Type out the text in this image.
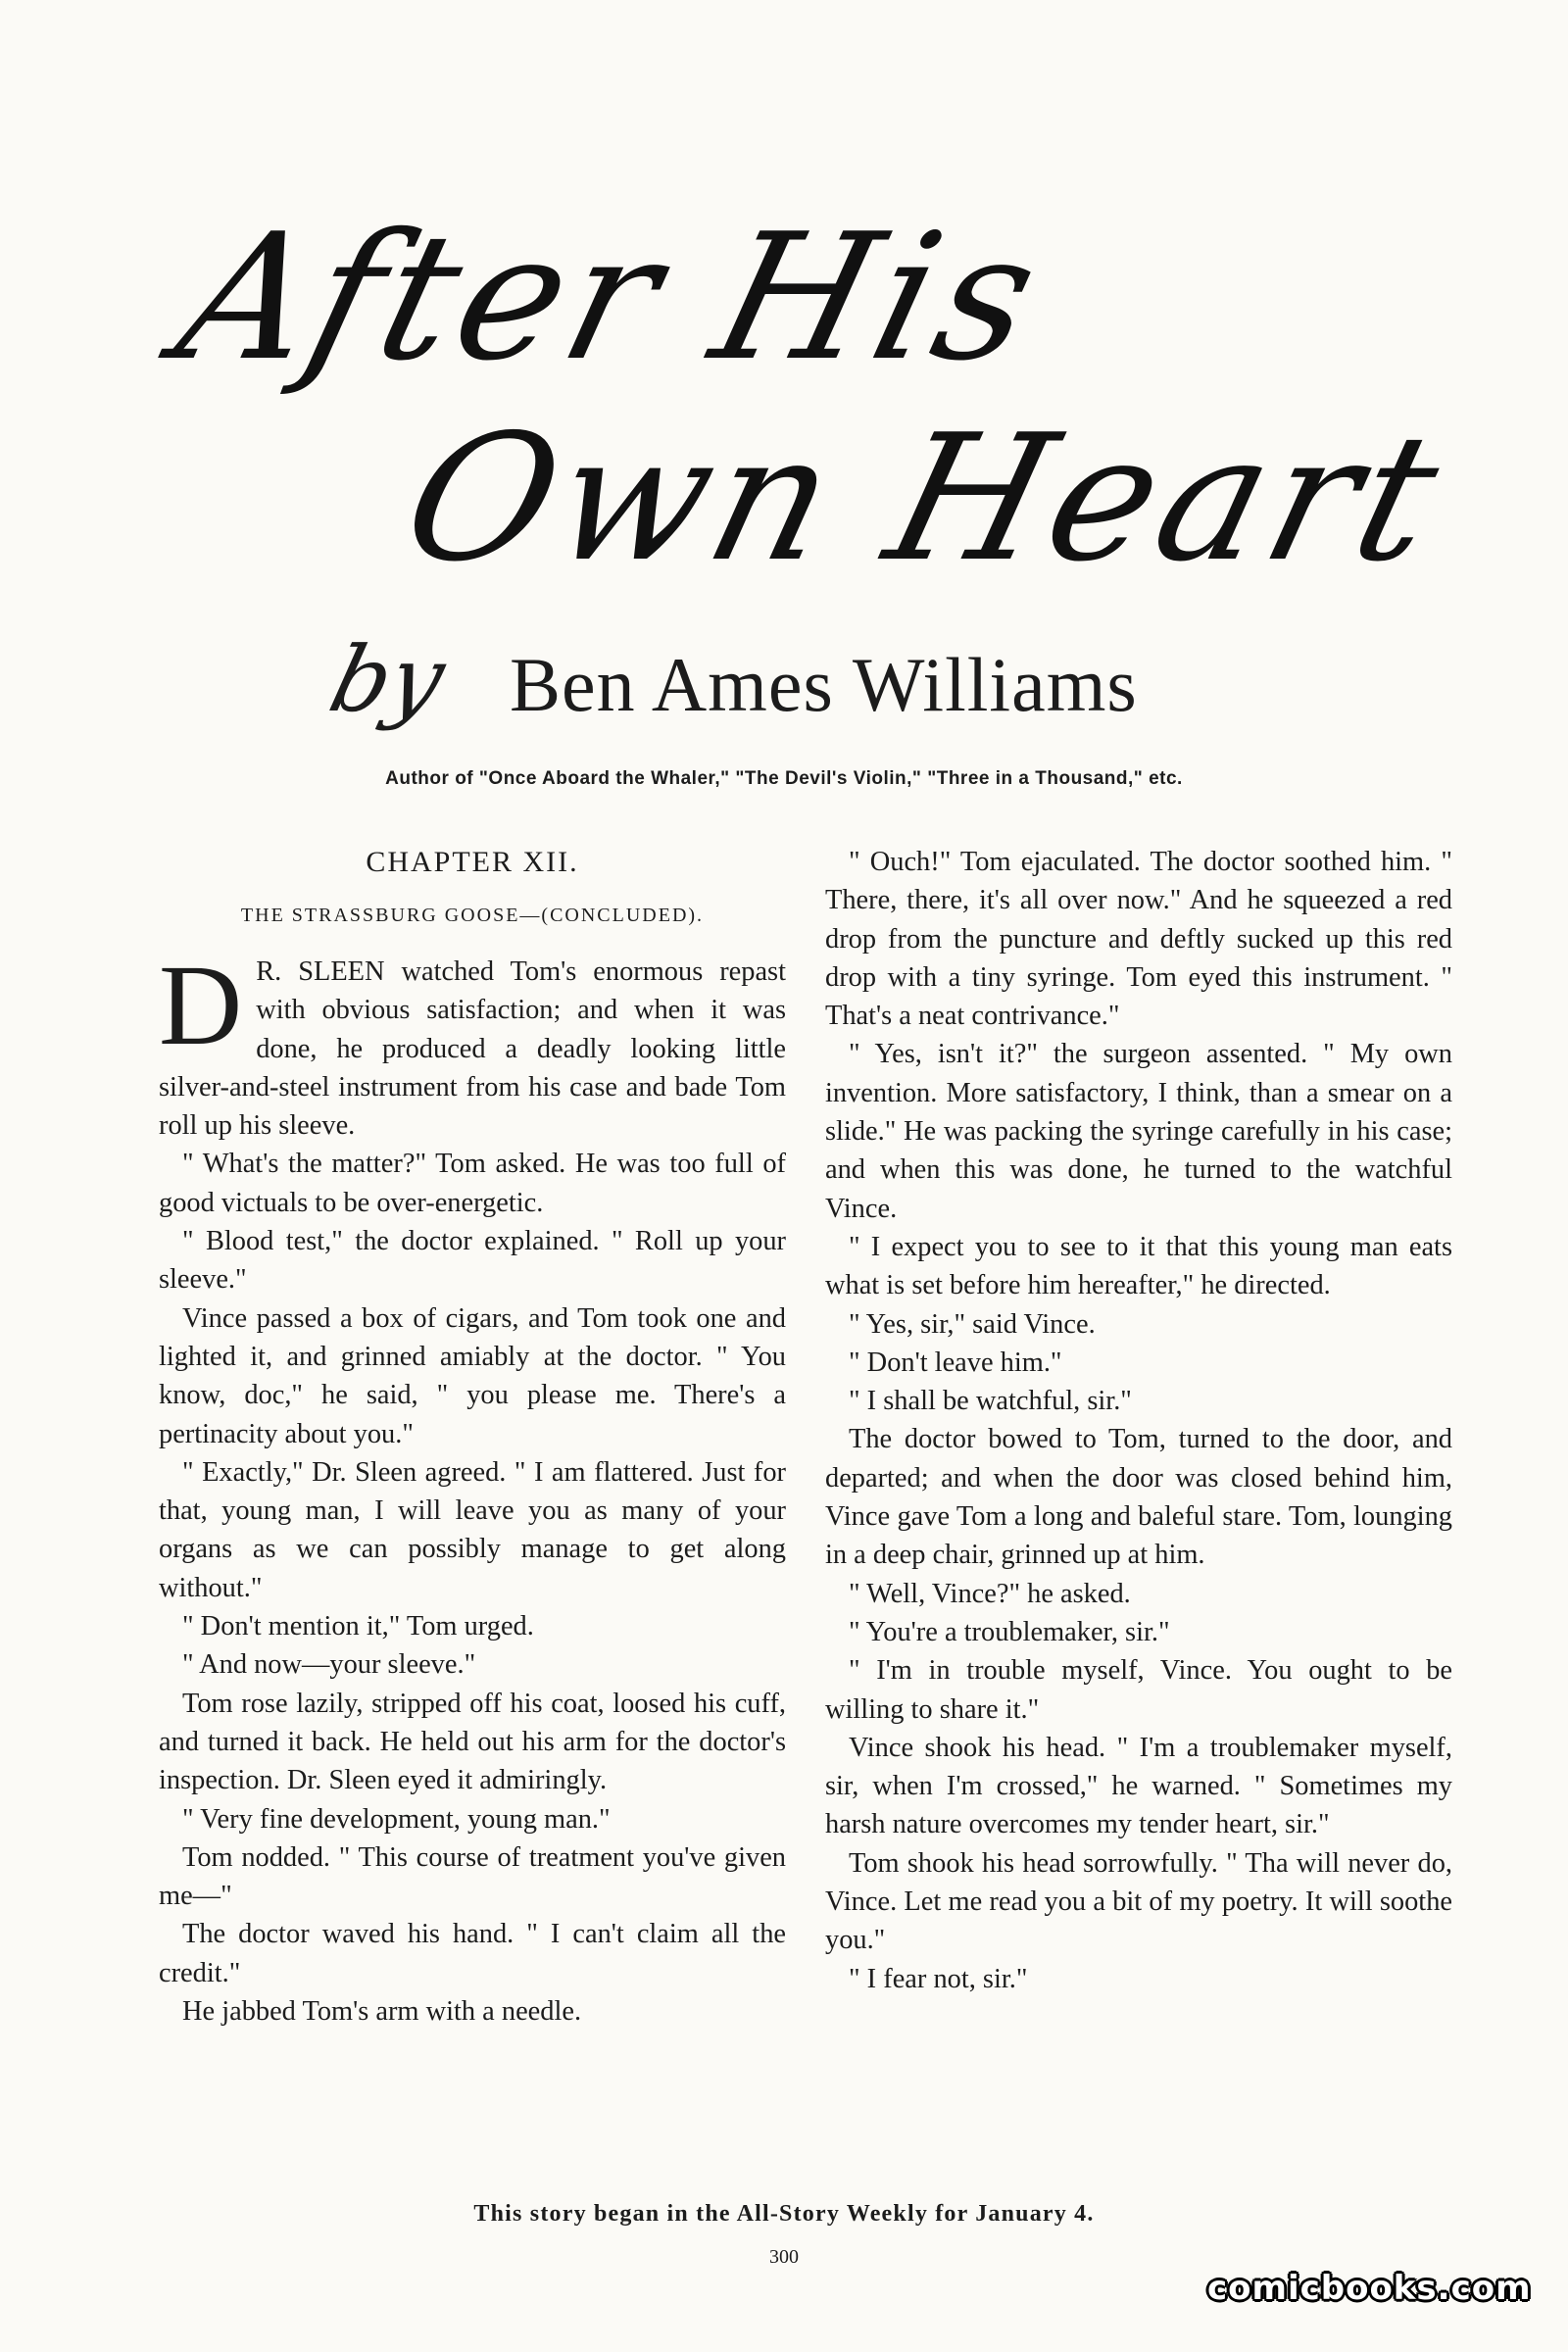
After His
Own Heart
by Ben Ames Williams
Author of "Once Aboard the Whaler," "The Devil's Violin," "Three in a Thousand," etc.
CHAPTER XII.
THE STRASSBURG GOOSE—(CONCLUDED).

D R. SLEEN watched Tom's enormous repast with obvious satisfaction; and when it was done, he produced a deadly looking little silver-and-steel instrument from his case and bade Tom roll up his sleeve.

" What's the matter?" Tom asked. He was too full of good victuals to be over-energetic.

" Blood test," the doctor explained. " Roll up your sleeve."

Vince passed a box of cigars, and Tom took one and lighted it, and grinned amiably at the doctor. " You know, doc," he said, " you please me. There's a pertinacity about you."

" Exactly," Dr. Sleen agreed. " I am flattered. Just for that, young man, I will leave you as many of your organs as we can possibly manage to get along without."

" Don't mention it," Tom urged.

" And now—your sleeve."

Tom rose lazily, stripped off his coat, loosed his cuff, and turned it back. He held out his arm for the doctor's inspection. Dr. Sleen eyed it admiringly.

" Very fine development, young man."

Tom nodded. " This course of treatment you've given me—"

The doctor waved his hand. " I can't claim all the credit."

He jabbed Tom's arm with a needle.

" Ouch!" Tom ejaculated. The doctor soothed him. " There, there, it's all over now." And he squeezed a red drop from the puncture and deftly sucked up this red drop with a tiny syringe. Tom eyed this instrument. " That's a neat contrivance."

" Yes, isn't it?" the surgeon assented. " My own invention. More satisfactory, I think, than a smear on a slide." He was packing the syringe carefully in his case; and when this was done, he turned to the watchful Vince.

" I expect you to see to it that this young man eats what is set before him hereafter," he directed.

" Yes, sir," said Vince.

" Don't leave him."

" I shall be watchful, sir."

The doctor bowed to Tom, turned to the door, and departed; and when the door was closed behind him, Vince gave Tom a long and baleful stare. Tom, lounging in a deep chair, grinned up at him.

" Well, Vince?" he asked.

" You're a troublemaker, sir."

" I'm in trouble myself, Vince. You ought to be willing to share it."

Vince shook his head. " I'm a troublemaker myself, sir, when I'm crossed," he warned. " Sometimes my harsh nature overcomes my tender heart, sir."

Tom shook his head sorrowfully. " Tha will never do, Vince. Let me read you a bit of my poetry. It will soothe you."

" I fear not, sir."

This story began in the All-Story Weekly for January 4.
300
comicbooks.com
